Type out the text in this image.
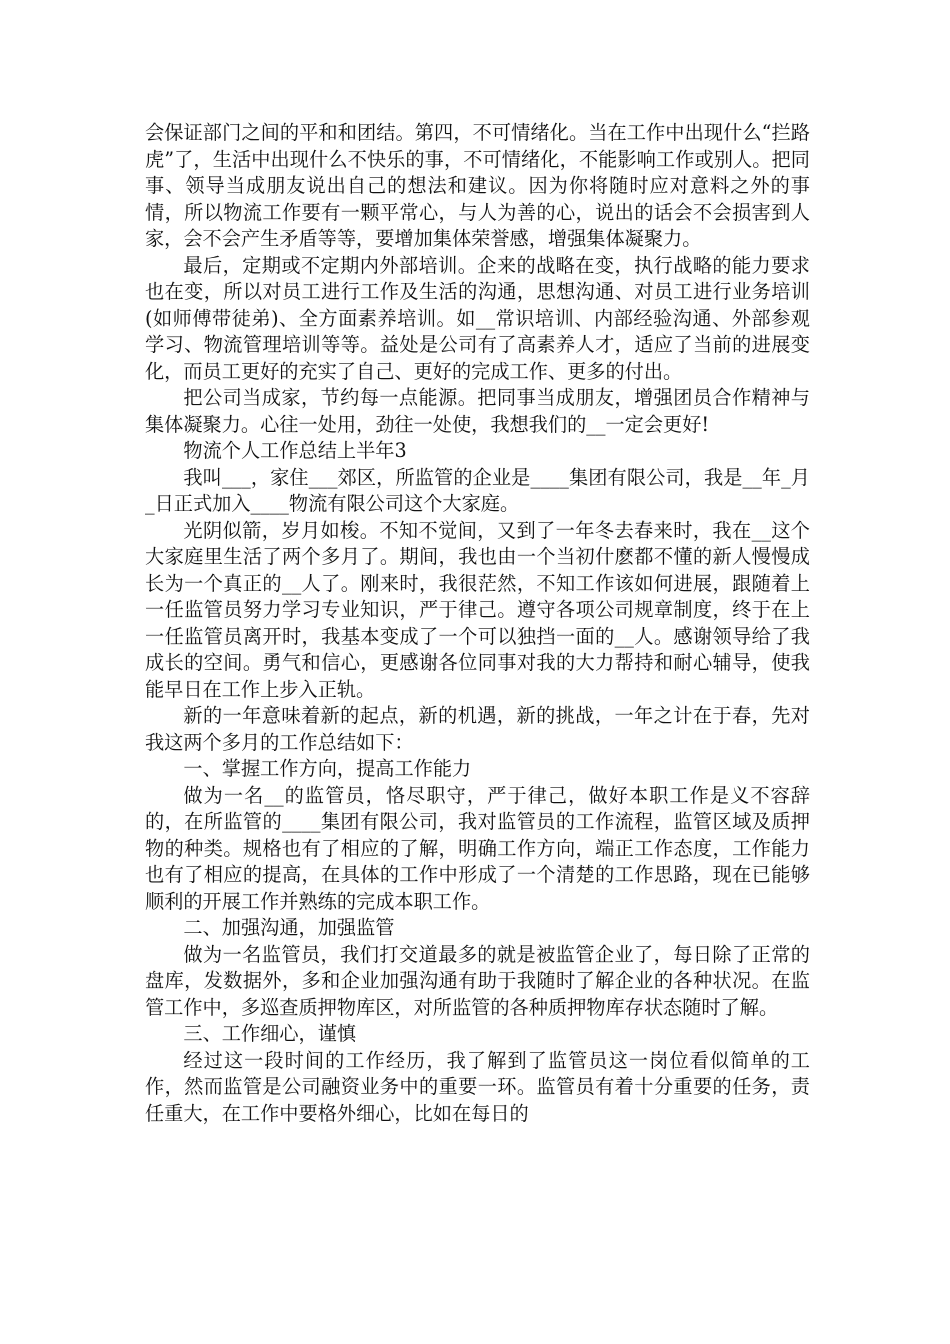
会保证部门之间的平和和团结。第四，不可情绪化。当在工作中出现什么“拦路虎”了，生活中出现什么不快乐的事，不可情绪化，不能影响工作或别人。把同事、领导当成朋友说出自己的想法和建议。因为你将随时应对意料之外的事情，所以物流工作要有一颗平常心，与人为善的心，说出的话会不会损害到人家，会不会产生矛盾等等，要增加集体荣誉感，增强集体凝聚力。

最后，定期或不定期内外部培训。企来的战略在变，执行战略的能力要求也在变，所以对员工进行工作及生活的沟通，思想沟通、对员工进行业务培训(如师傅带徒弟)、全方面素养培训。如__常识培训、内部经验沟通、外部参观学习、物流管理培训等等。益处是公司有了高素养人才，适应了当前的进展变化，而员工更好的充实了自己、更好的完成工作、更多的付出。

把公司当成家，节约每一点能源。把同事当成朋友，增强团员合作精神与集体凝聚力。心往一处用，劲往一处使，我想我们的__一定会更好!

物流个人工作总结上半年3

我叫___，家住___郊区，所监管的企业是____集团有限公司，我是__年_月_日正式加入____物流有限公司这个大家庭。

光阴似箭，岁月如梭。不知不觉间，又到了一年冬去春来时，我在__这个大家庭里生活了两个多月了。期间，我也由一个当初什麽都不懂的新人慢慢成长为一个真正的__人了。刚来时，我很茫然，不知工作该如何进展，跟随着上一任监管员努力学习专业知识，严于律己。遵守各项公司规章制度，终于在上一任监管员离开时，我基本变成了一个可以独挡一面的__人。感谢领导给了我成长的空间。勇气和信心，更感谢各位同事对我的大力帮持和耐心辅导，使我能早日在工作上步入正轨。

新的一年意味着新的起点，新的机遇，新的挑战，一年之计在于春，先对我这两个多月的工作总结如下：

一、掌握工作方向，提高工作能力

做为一名__的监管员，恪尽职守，严于律己，做好本职工作是义不容辞的，在所监管的____集团有限公司，我对监管员的工作流程，监管区域及质押物的种类。规格也有了相应的了解，明确工作方向，端正工作态度，工作能力也有了相应的提高，在具体的工作中形成了一个清楚的工作思路，现在已能够顺利的开展工作并熟练的完成本职工作。

二、加强沟通，加强监管

做为一名监管员，我们打交道最多的就是被监管企业了，每日除了正常的盘库，发数据外，多和企业加强沟通有助于我随时了解企业的各种状况。在监管工作中，多巡查质押物库区，对所监管的各种质押物库存状态随时了解。

三、工作细心，谨慎

经过这一段时间的工作经历，我了解到了监管员这一岗位看似简单的工作，然而监管是公司融资业务中的重要一环。监管员有着十分重要的任务，责任重大，在工作中要格外细心，比如在每日的
